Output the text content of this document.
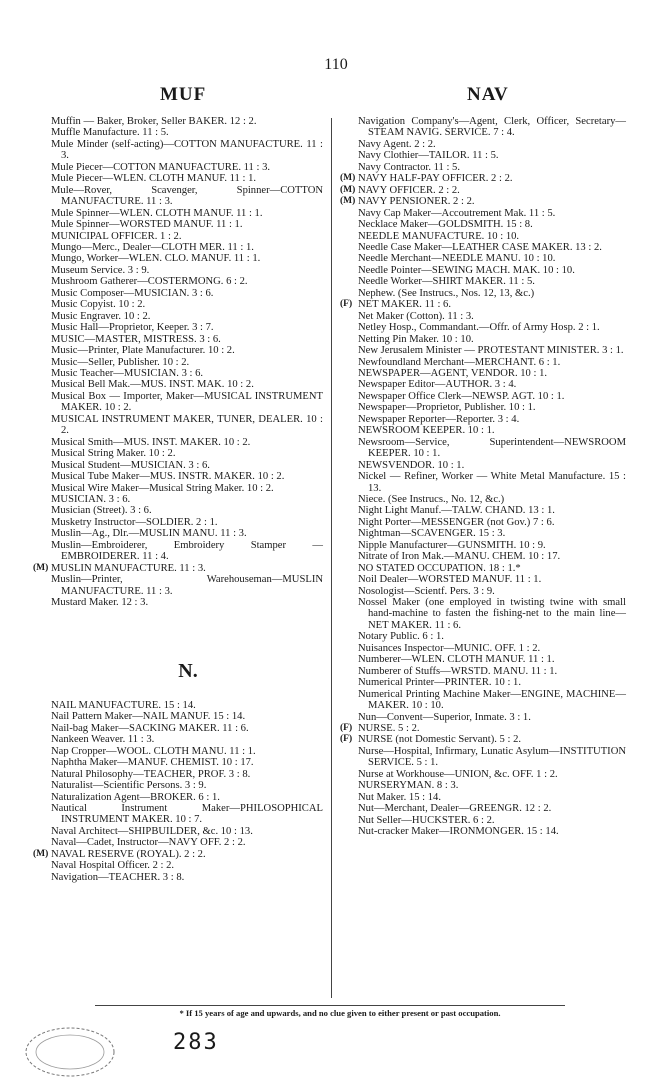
110
MUF	NAV
Muffin — Baker, Broker, Seller BAKER. 12 : 2.
Muffle Manufacture. 11 : 5.
Mule Minder (self-acting)—COTTON MANUFACTURE. 11 : 3.
Mule Piecer—COTTON MANUFACTURE. 11 : 3.
Mule Piecer—WLEN. CLOTH MANUF. 11 : 1.
Mule—Rover, Scavenger, Spinner—COTTON MANUFACTURE. 11 : 3.
Mule Spinner—WLEN. CLOTH MANUF. 11 : 1.
Mule Spinner—WORSTED MANUF. 11 : 1.
MUNICIPAL OFFICER. 1 : 2.
Mungo—Merc., Dealer—CLOTH MER. 11 : 1.
Mungo, Worker—WLEN. CLO. MANUF. 11 : 1.
Museum Service. 3 : 9.
Mushroom Gatherer—COSTERMONG. 6 : 2.
Music Composer—MUSICIAN. 3 : 6.
Music Copyist. 10 : 2.
Music Engraver. 10 : 2.
Music Hall—Proprietor, Keeper. 3 : 7.
MUSIC—MASTER, MISTRESS. 3 : 6.
Music—Printer, Plate Manufacturer. 10 : 2.
Music—Seller, Publisher. 10 : 2.
Music Teacher—MUSICIAN. 3 : 6.
Musical Bell Mak.—MUS. INST. MAK. 10 : 2.
Musical Box — Importer, Maker—MUSICAL INSTRUMENT MAKER. 10 : 2.
MUSICAL INSTRUMENT MAKER, TUNER, DEALER. 10 : 2.
Musical Smith—MUS. INST. MAKER. 10 : 2.
Musical String Maker. 10 : 2.
Musical Student—MUSICIAN. 3 : 6.
Musical Tube Maker—MUS. INSTR. MAKER. 10 : 2.
Musical Wire Maker—Musical String Maker. 10 : 2.
MUSICIAN. 3 : 6.
Musician (Street). 3 : 6.
Musketry Instructor—SOLDIER. 2 : 1.
Muslin—Ag., Dlr.—MUSLIN MANU. 11 : 3.
Muslin—Embroiderer, Embroidery Stamper —EMBROIDERER. 11 : 4.
(M) MUSLIN MANUFACTURE. 11 : 3.
Muslin—Printer, Warehouseman—MUSLIN MANUFACTURE. 11 : 3.
Mustard Maker. 12 : 3.
N.
NAIL MANUFACTURE. 15 : 14.
Nail Pattern Maker—NAIL MANUF. 15 : 14.
Nail-bag Maker—SACKING MAKER. 11 : 6.
Nankeen Weaver. 11 : 3.
Nap Cropper—WOOL. CLOTH MANU. 11 : 1.
Naphtha Maker—MANUF. CHEMIST. 10 : 17.
Natural Philosophy—TEACHER, PROF. 3 : 8.
Naturalist—Scientific Persons. 3 : 9.
Naturalization Agent—BROKER. 6 : 1.
Nautical Instrument Maker—PHILOSOPHICAL INSTRUMENT MAKER. 10 : 7.
Naval Architect—SHIPBUILDER, &c. 10 : 13.
Naval—Cadet, Instructor—NAVY OFF. 2 : 2.
(M) NAVAL RESERVE (ROYAL). 2 : 2.
Naval Hospital Officer. 2 : 2.
Navigation—TEACHER. 3 : 8.
Navigation Company's—Agent, Clerk, Officer, Secretary—STEAM NAVIG. SERVICE. 7 : 4.
Navy Agent. 2 : 2.
Navy Clothier—TAILOR. 11 : 5.
Navy Contractor. 11 : 5.
(M) NAVY HALF-PAY OFFICER. 2 : 2.
(M) NAVY OFFICER. 2 : 2.
(M) NAVY PENSIONER. 2 : 2.
Navy Cap Maker—Accoutrement Mak. 11 : 5.
Necklace Maker—GOLDSMITH. 15 : 8.
NEEDLE MANUFACTURE. 10 : 10.
Needle Case Maker—LEATHER CASE MAKER. 13 : 2.
Needle Merchant—NEEDLE MANU. 10 : 10.
Needle Pointer—SEWING MACH. MAK. 10 : 10.
Needle Worker—SHIRT MAKER. 11 : 5.
Nephew. (See Instrucs., Nos. 12, 13, &c.)
(F) NET MAKER. 11 : 6.
Net Maker (Cotton). 11 : 3.
Netley Hosp., Commandant.—Offr. of Army Hosp. 2 : 1.
Netting Pin Maker. 10 : 10.
New Jerusalem Minister — PROTESTANT MINISTER. 3 : 1.
Newfoundland Merchant—MERCHANT. 6 : 1.
NEWSPAPER—AGENT, VENDOR. 10 : 1.
Newspaper Editor—AUTHOR. 3 : 4.
Newspaper Office Clerk—NEWSP. AGT. 10 : 1.
Newspaper—Proprietor, Publisher. 10 : 1.
Newspaper Reporter—Reporter. 3 : 4.
NEWSROOM KEEPER. 10 : 1.
Newsroom—Service, Superintendent—NEWSROOM KEEPER. 10 : 1.
NEWSVENDOR. 10 : 1.
Nickel — Refiner, Worker — White Metal Manufacture. 15 : 13.
Niece. (See Instrucs., No. 12, &c.)
Night Light Manuf.—TALW. CHAND. 13 : 1.
Night Porter—MESSENGER (not Gov.) 7 : 6.
Nightman—SCAVENGER. 15 : 3.
Nipple Manufacturer—GUNSMITH. 10 : 9.
Nitrate of Iron Mak.—MANU. CHEM. 10 : 17.
NO STATED OCCUPATION. 18 : 1.*
Noil Dealer—WORSTED MANUF. 11 : 1.
Nosologist—Scientf. Pers. 3 : 9.
Nossel Maker (one employed in twisting twine with small hand-machine to fasten the fishing-net to the main line—NET MAKER. 11 : 6.
Notary Public. 6 : 1.
Nuisances Inspector—MUNIC. OFF. 1 : 2.
Numberer—WLEN. CLOTH MANUF. 11 : 1.
Numberer of Stuffs—WRSTD. MANU. 11 : 1.
Numerical Printer—PRINTER. 10 : 1.
Numerical Printing Machine Maker—ENGINE, MACHINE—MAKER. 10 : 10.
Nun—Convent—Superior, Inmate. 3 : 1.
(F) NURSE. 5 : 2.
(F) NURSE (not Domestic Servant). 5 : 2.
Nurse—Hospital, Infirmary, Lunatic Asylum—INSTITUTION SERVICE. 5 : 1.
Nurse at Workhouse—UNION, &c. OFF. 1 : 2.
NURSERYMAN. 8 : 3.
Nut Maker. 15 : 14.
Nut—Merchant, Dealer—GREENGR. 12 : 2.
Nut Seller—HUCKSTER. 6 : 2.
Nut-cracker Maker—IRONMONGER. 15 : 14.
* If 15 years of age and upwards, and no clue given to either present or past occupation.
283
